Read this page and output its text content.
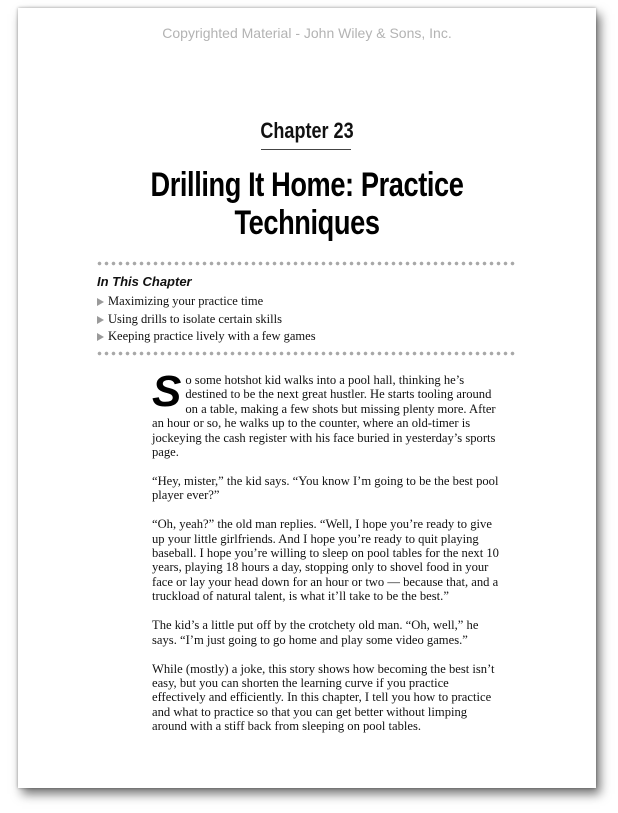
Copyrighted Material - John Wiley & Sons, Inc.
Chapter 23
Drilling It Home: Practice
Techniques
In This Chapter
Maximizing your practice time
Using drills to isolate certain skills
Keeping practice lively with a few games

So some hotshot kid walks into a pool hall, thinking he’s destined to be the next great hustler. He starts tooling around on a table, making a few shots but missing plenty more. After an hour or so, he walks up to the counter, where an old-timer is jockeying the cash register with his face buried in yesterday’s sports page.

“Hey, mister,” the kid says. “You know I’m going to be the best pool player ever?”

“Oh, yeah?” the old man replies. “Well, I hope you’re ready to give up your little girlfriends. And I hope you’re ready to quit playing baseball. I hope you’re willing to sleep on pool tables for the next 10 years, playing 18 hours a day, stopping only to shovel food in your face or lay your head down for an hour or two — because that, and a truckload of natural talent, is what it’ll take to be the best.”

The kid’s a little put off by the crotchety old man. “Oh, well,” he says. “I’m just going to go home and play some video games.”

While (mostly) a joke, this story shows how becoming the best isn’t easy, but you can shorten the learning curve if you practice effectively and efficiently. In this chapter, I tell you how to practice and what to practice so that you can get better without limping around with a stiff back from sleeping on pool tables.
